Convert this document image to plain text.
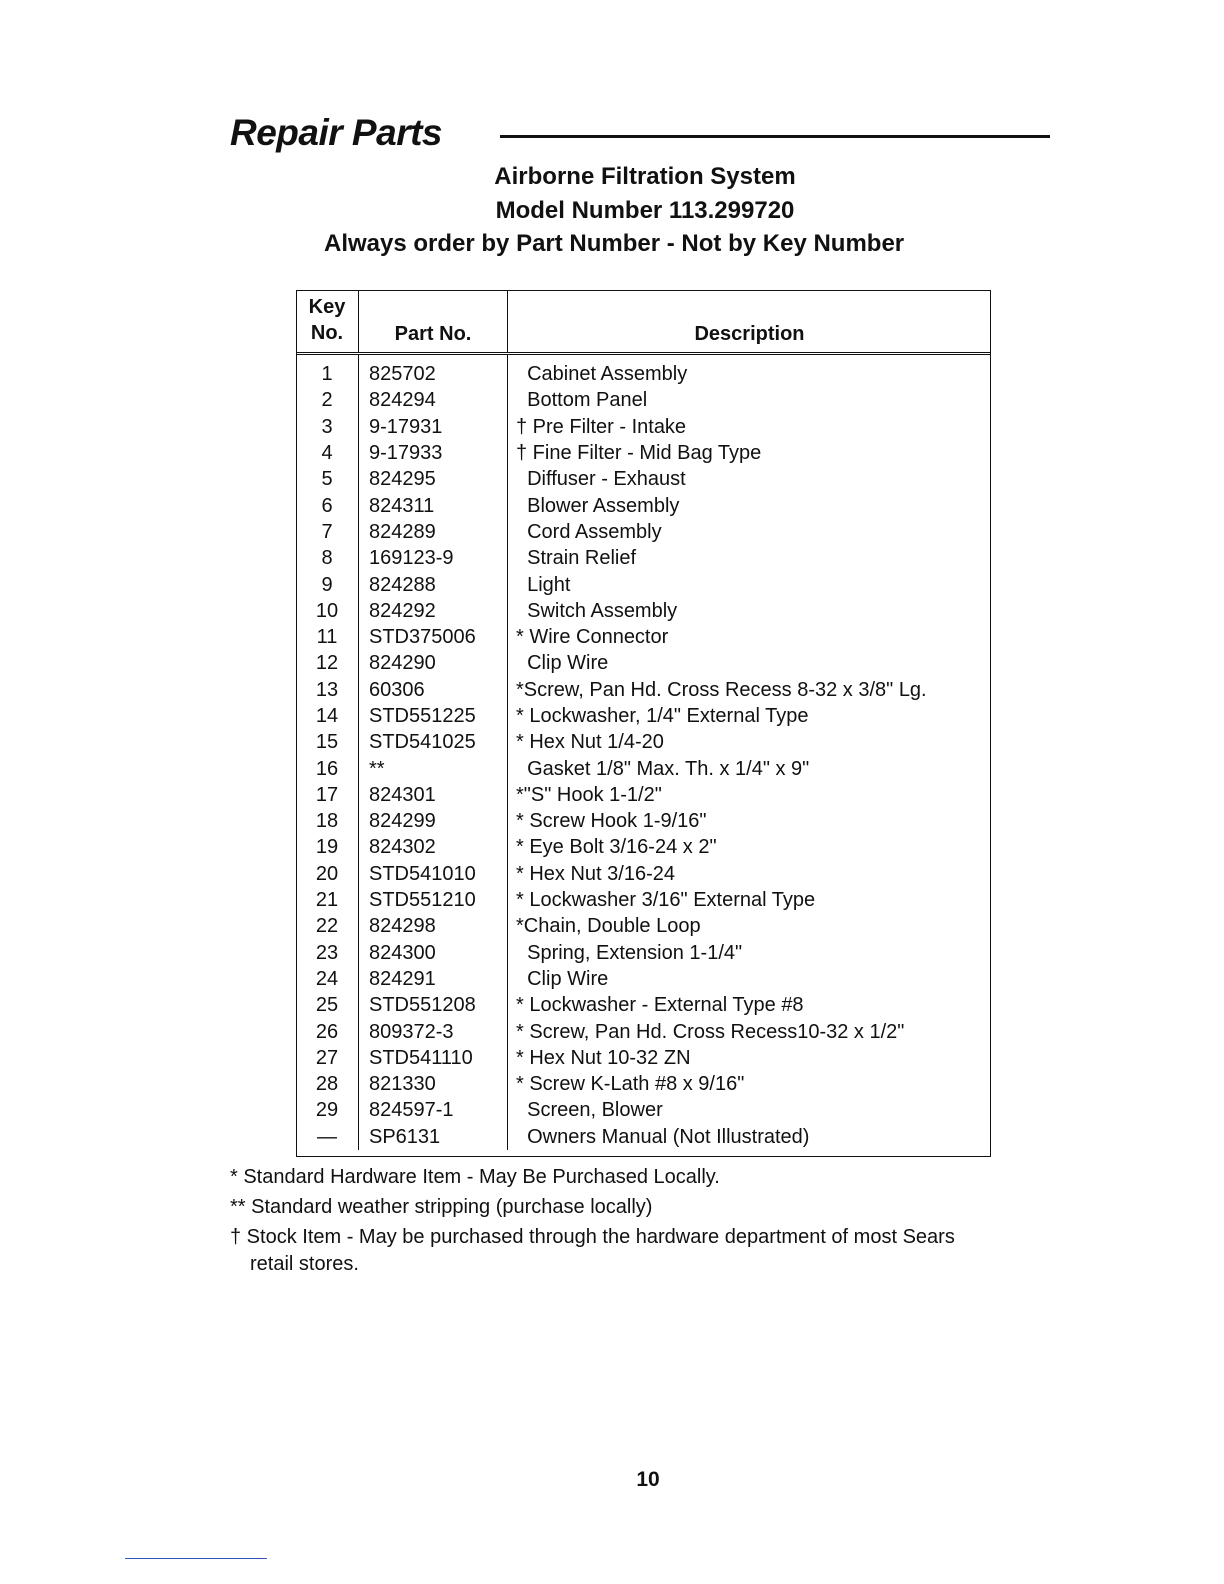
Repair Parts
Airborne Filtration System
Model Number 113.299720
Always order by Part Number - Not by Key Number
Key
No.	Part No.	Description
1	825702	Cabinet Assembly
2	824294	Bottom Panel
3	9-17931	† Pre Filter - Intake
4	9-17933	† Fine Filter - Mid Bag Type
5	824295	Diffuser - Exhaust
6	824311	Blower Assembly
7	824289	Cord Assembly
8	169123-9	Strain Relief
9	824288	Light
10	824292	Switch Assembly
11	STD375006	* Wire Connector
12	824290	Clip Wire
13	60306	*Screw, Pan Hd. Cross Recess 8-32 x 3/8" Lg.
14	STD551225	* Lockwasher, 1/4" External Type
15	STD541025	* Hex Nut 1/4-20
16	**	Gasket 1/8" Max. Th. x 1/4" x 9"
17	824301	*"S" Hook 1-1/2"
18	824299	* Screw Hook 1-9/16"
19	824302	* Eye Bolt 3/16-24 x 2"
20	STD541010	* Hex Nut 3/16-24
21	STD551210	* Lockwasher 3/16" External Type
22	824298	*Chain, Double Loop
23	824300	Spring, Extension 1-1/4"
24	824291	Clip Wire
25	STD551208	* Lockwasher - External Type #8
26	809372-3	* Screw, Pan Hd. Cross Recess10-32 x 1/2"
27	STD541110	* Hex Nut 10-32 ZN
28	821330	* Screw K-Lath #8 x 9/16"
29	824597-1	Screen, Blower
—	SP6131	Owners Manual (Not Illustrated)
* Standard Hardware Item - May Be Purchased Locally.
** Standard weather stripping (purchase locally)
† Stock Item - May be purchased through the hardware department of most Sears
retail stores.
10
